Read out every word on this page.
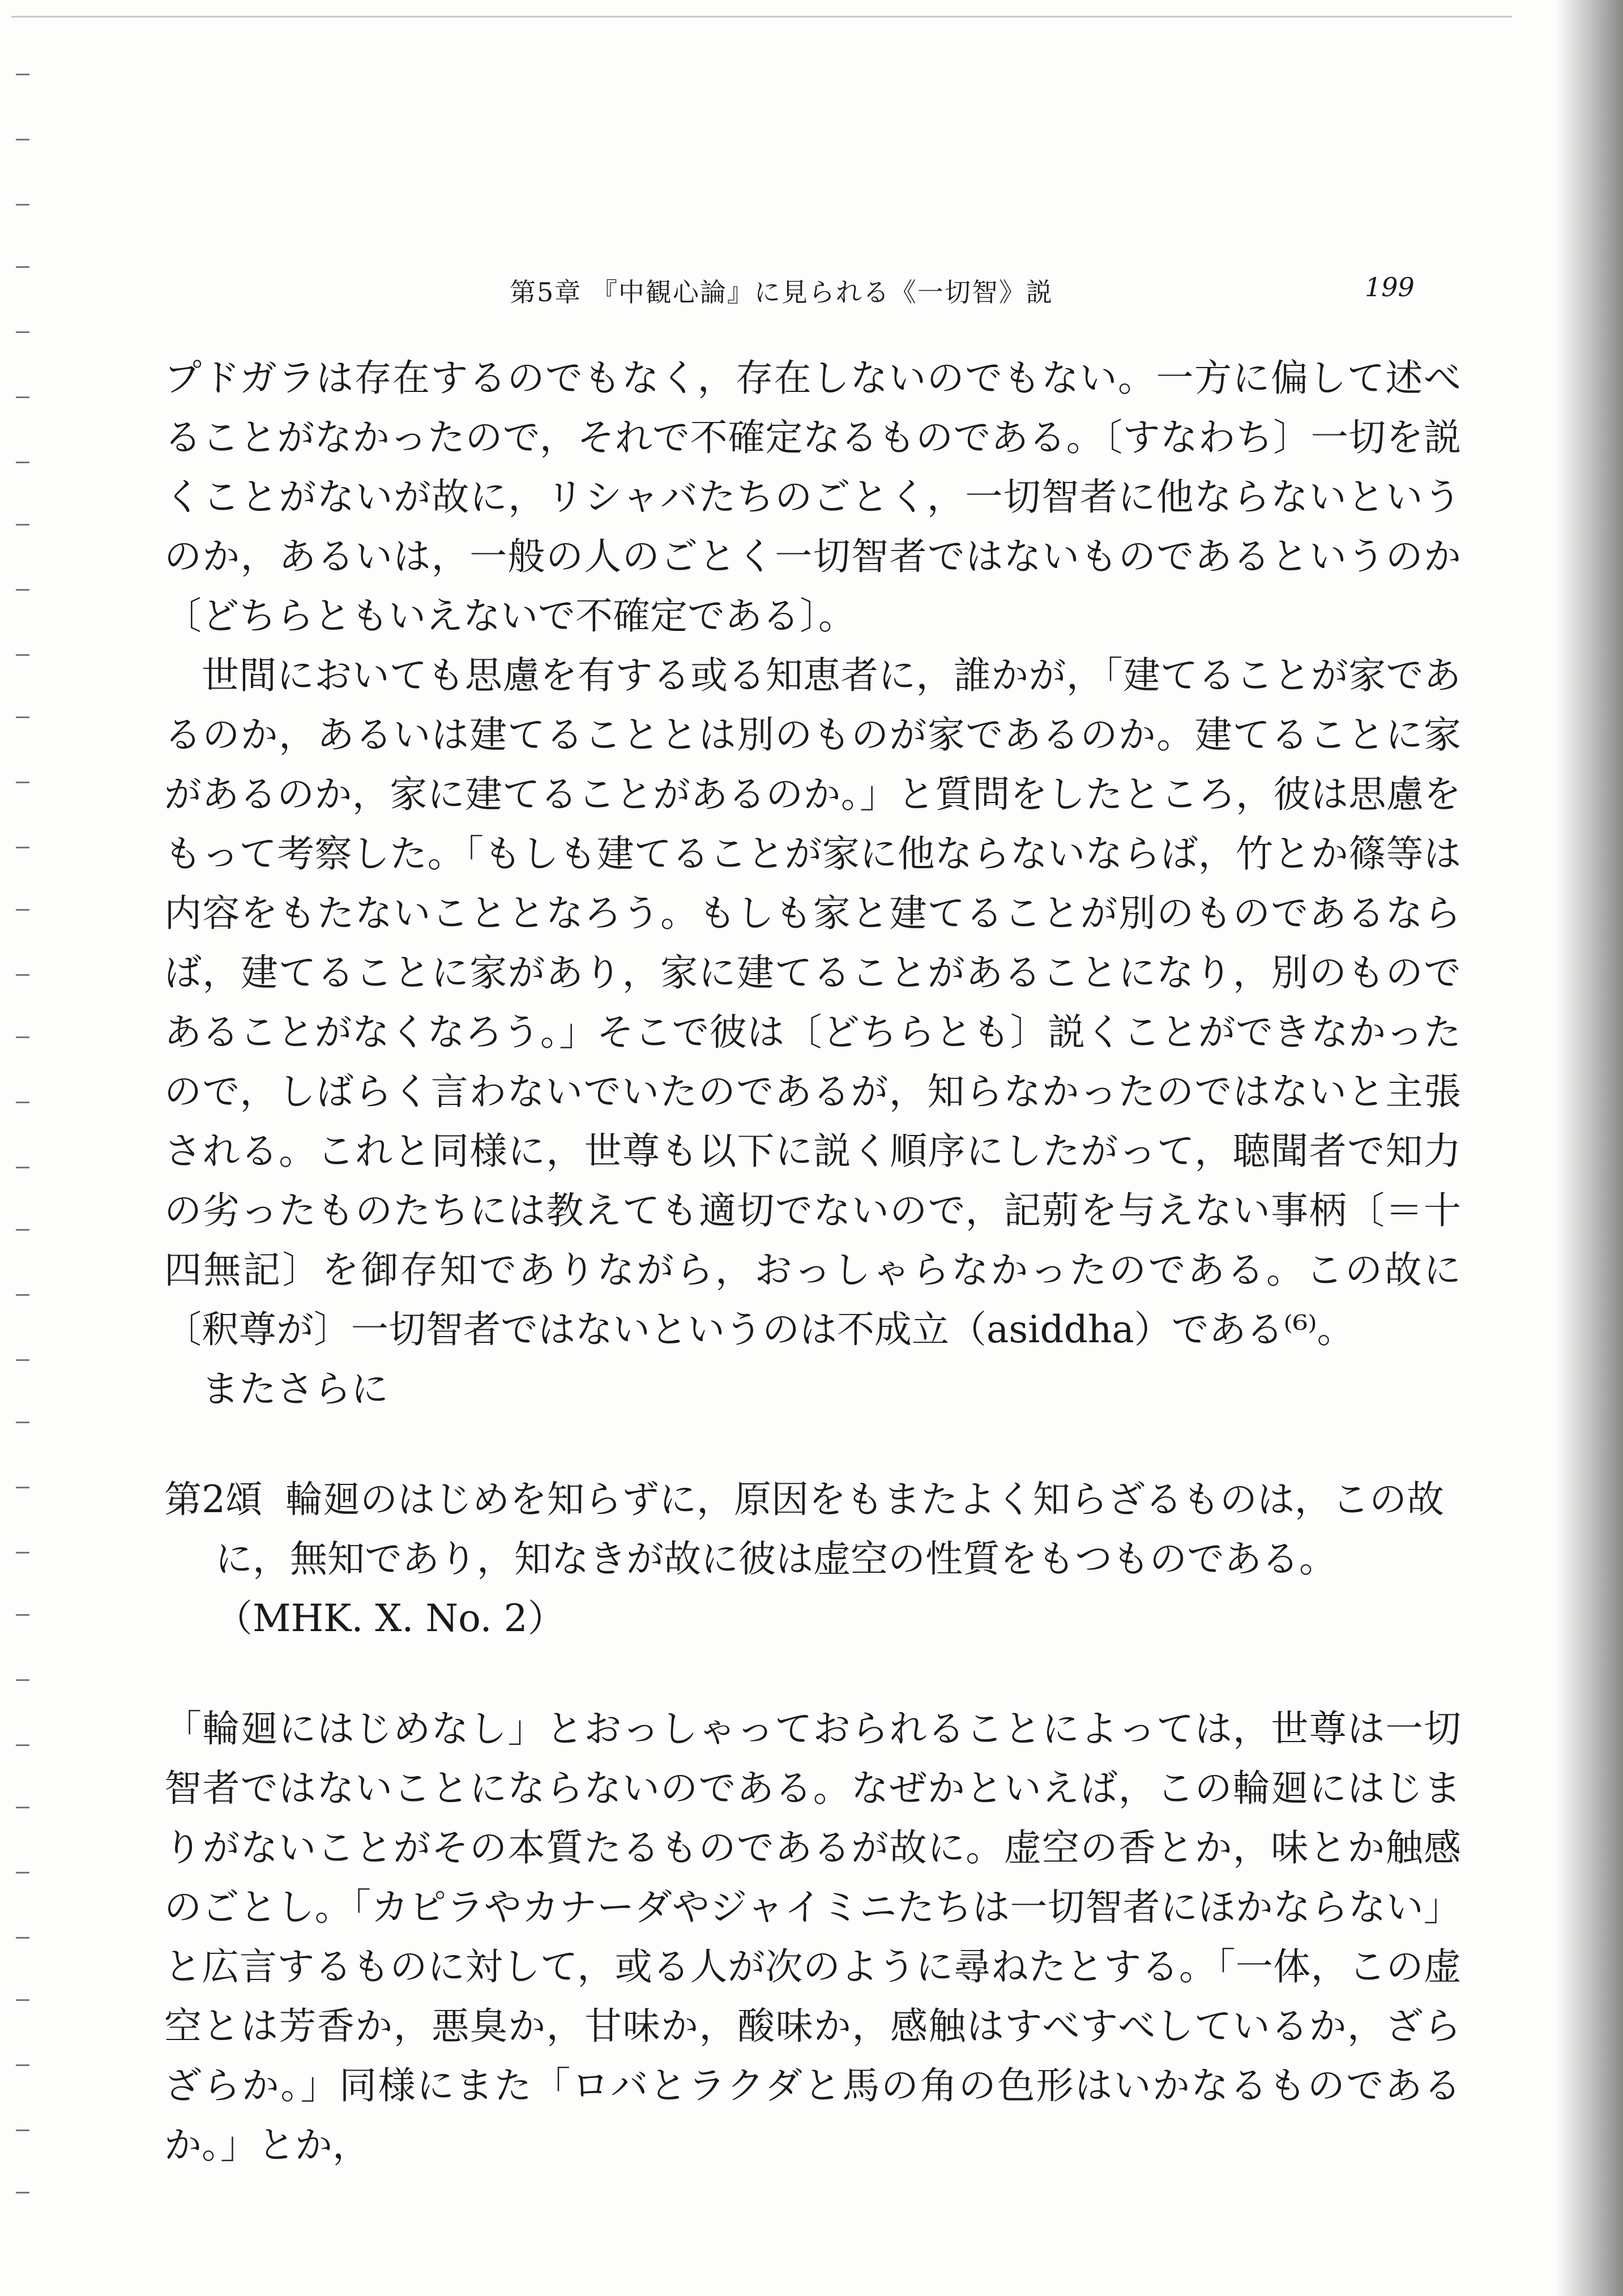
第5章 『中観心論』に見られる《一切智》説	199

プドガラは存在するのでもなく，存在しないのでもない。一方に偏して述べることがなかったので，それで不確定なるものである。〔すなわち〕一切を説くことがないが故に，リシャバたちのごとく，一切智者に他ならないというのか，あるいは，一般の人のごとく一切智者ではないものであるというのか〔どちらともいえないで不確定である〕。

世間においても思慮を有する或る知恵者に，誰かが，「建てることが家であるのか，あるいは建てることとは別のものが家であるのか。建てることに家があるのか，家に建てることがあるのか。」と質問をしたところ，彼は思慮をもって考察した。「もしも建てることが家に他ならないならば，竹とか篠等は内容をもたないこととなろう。もしも家と建てることが別のものであるならば，建てることに家があり，家に建てることがあることになり，別のものであることがなくなろう。」そこで彼は〔どちらとも〕説くことができなかったので，しばらく言わないでいたのであるが，知らなかったのではないと主張される。これと同様に，世尊も以下に説く順序にしたがって，聴聞者で知力の劣ったものたちには教えても適切でないので，記莂を与えない事柄〔＝十四無記〕を御存知でありながら，おっしゃらなかったのである。この故に〔釈尊が〕一切智者ではないというのは不成立（asiddha）である⁽⁶⁾。

またさらに

第2頌 輪廻のはじめを知らずに，原因をもまたよく知らざるものは，この故に，無知であり，知なきが故に彼は虚空の性質をもつものである。（MHK. X. No. 2）

「輪廻にはじめなし」とおっしゃっておられることによっては，世尊は一切智者ではないことにならないのである。なぜかといえば，この輪廻にはじまりがないことがその本質たるものであるが故に。虚空の香とか，味とか触感のごとし。「カピラやカナーダやジャイミニたちは一切智者にほかならない」と広言するものに対して，或る人が次のように尋ねたとする。「一体，この虚空とは芳香か，悪臭か，甘味か，酸味か，感触はすべすべしているか，ざらざらか。」同様にまた「ロバとラクダと馬の角の色形はいかなるものであるか。」とか，
